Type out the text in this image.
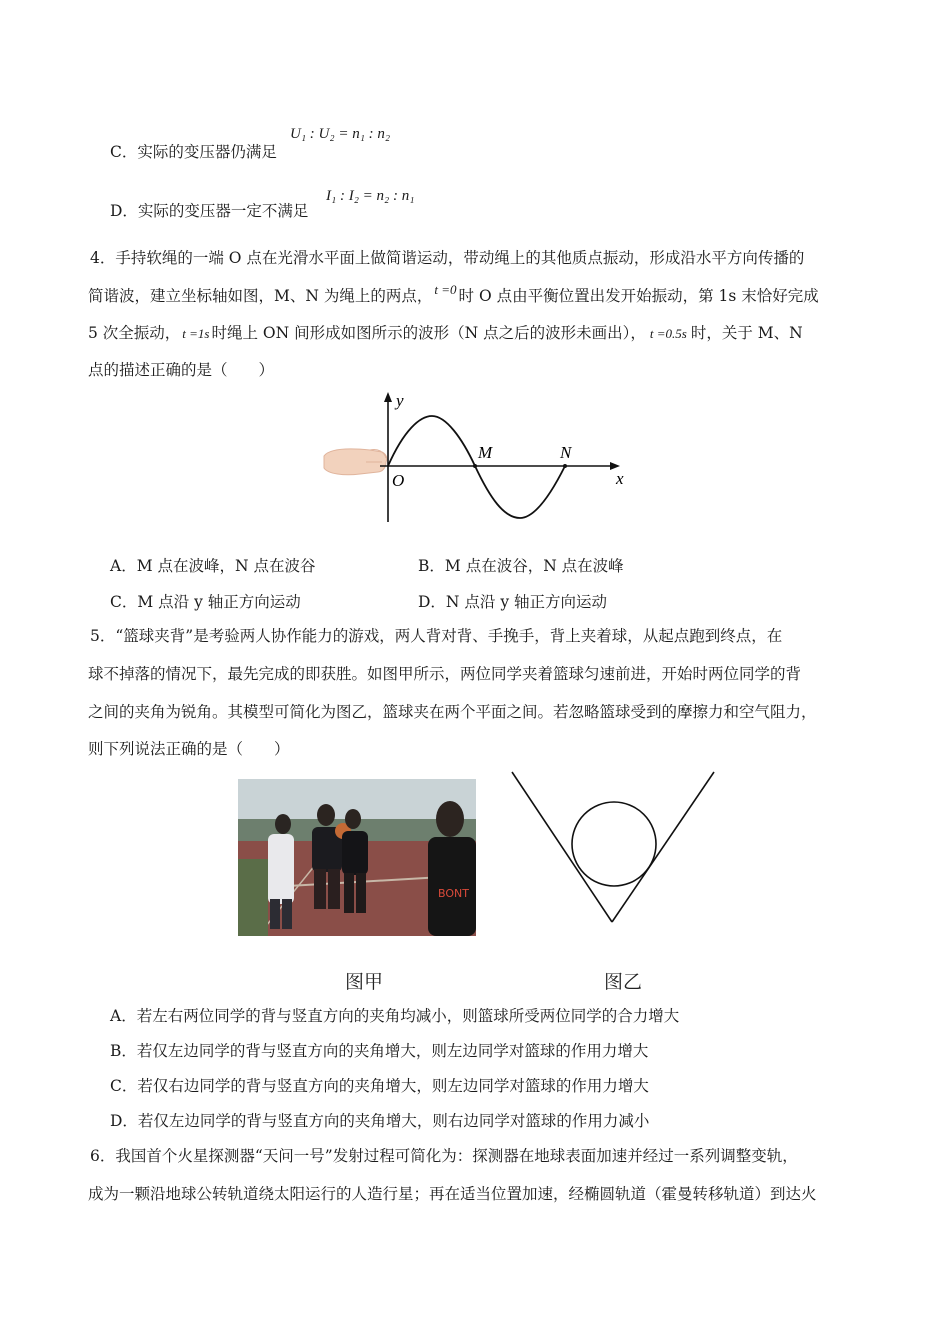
C．实际的变压器仍满足
U₁ : U₂ = n₁ : n₂
D．实际的变压器一定不满足
I₁ : I₂ = n₂ : n₁
4．手持软绳的一端 O 点在光滑水平面上做简谐运动，带动绳上的其他质点振动，形成沿水平方向传播的
简谐波，建立坐标轴如图，M、N 为绳上的两点， $^{t =0}$ 时 O 点由平衡位置出发开始振动，第 1s 末恰好完成
5 次全振动， t =1s 时绳上 ON 间形成如图所示的波形（N 点之后的波形未画出）， t =0.5s 时，关于 M、N
点的描述正确的是（　　）
y
x
O
M	N
A．M 点在波峰，N 点在波谷	B．M 点在波谷，N 点在波峰
C．M 点沿 y 轴正方向运动	D．N 点沿 y 轴正方向运动
5．“篮球夹背”是考验两人协作能力的游戏，两人背对背、手挽手，背上夹着球，从起点跑到终点，在
球不掉落的情况下，最先完成的即获胜。如图甲所示，两位同学夹着篮球匀速前进，开始时两位同学的背
之间的夹角为锐角。其模型可简化为图乙，篮球夹在两个平面之间。若忽略篮球受到的摩擦力和空气阻力，
则下列说法正确的是（　　）
BONT
图甲	图乙
A．若左右两位同学的背与竖直方向的夹角均减小，则篮球所受两位同学的合力增大
B．若仅左边同学的背与竖直方向的夹角增大，则左边同学对篮球的作用力增大
C．若仅右边同学的背与竖直方向的夹角增大，则左边同学对篮球的作用力增大
D．若仅左边同学的背与竖直方向的夹角增大，则右边同学对篮球的作用力减小
6．我国首个火星探测器“天问一号”发射过程可简化为：探测器在地球表面加速并经过一系列调整变轨，
成为一颗沿地球公转轨道绕太阳运行的人造行星；再在适当位置加速，经椭圆轨道（霍曼转移轨道）到达火
